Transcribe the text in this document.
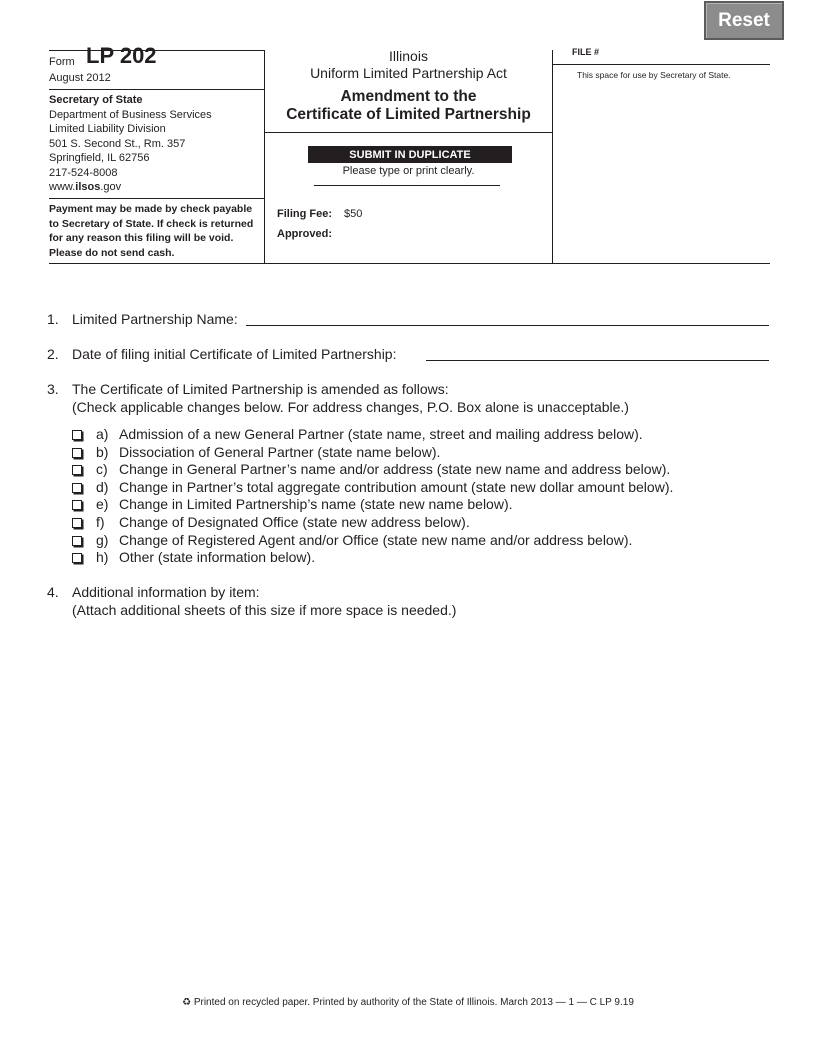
Reset
Form LP 202
August 2012
Secretary of State
Department of Business Services
Limited Liability Division
501 S. Second St., Rm. 357
Springfield, IL 62756
217-524-8008
www.ilsos.gov
Payment may be made by check payable to Secretary of State. If check is returned for any reason this filing will be void. Please do not send cash.
Illinois
Uniform Limited Partnership Act
Amendment to the
Certificate of Limited Partnership
SUBMIT IN DUPLICATE
Please type or print clearly.
Filing Fee: $50
Approved:
FILE #
This space for use by Secretary of State.
1. Limited Partnership Name:
2. Date of filing initial Certificate of Limited Partnership:
3. The Certificate of Limited Partnership is amended as follows:
(Check applicable changes below. For address changes, P.O. Box alone is unacceptable.)
a) Admission of a new General Partner (state name, street and mailing address below).
b) Dissociation of General Partner (state name below).
c) Change in General Partner’s name and/or address (state new name and address below).
d) Change in Partner’s total aggregate contribution amount (state new dollar amount below).
e) Change in Limited Partnership’s name (state new name below).
f) Change of Designated Office (state new address below).
g) Change of Registered Agent and/or Office (state new name and/or address below).
h) Other (state information below).
4. Additional information by item:
(Attach additional sheets of this size if more space is needed.)
♻ Printed on recycled paper. Printed by authority of the State of Illinois. March 2013 — 1 — C LP 9.19
